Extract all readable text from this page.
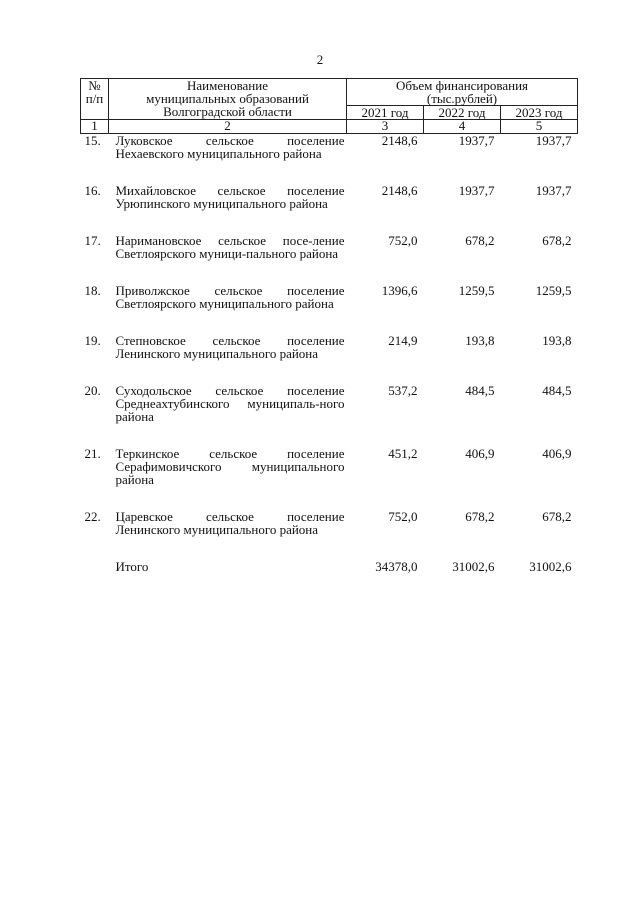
2
№
п/п	Наименование
муниципальных образований
Волгоградской области	Объем финансирования
(тыс.рублей)		
		2021 год	2022 год	2023 год
1	2	3	4	5
15.	Луковское сельское поселение Нехаевского муниципального района	2148,6	1937,7	1937,7

16.	Михайловское сельское поселение Урюпинского муниципального района	2148,6	1937,7	1937,7

17.	Наримановское сельское посе-ление Светлоярского муници-пального района	752,0	678,2	678,2

18.	Приволжское сельское поселение Светлоярского муниципального района	1396,6	1259,5	1259,5

19.	Степновское сельское поселение Ленинского муниципального района	214,9	193,8	193,8

20.	Суходольское сельское поселение Среднеахтубинского муниципаль-ного района	537,2	484,5	484,5

21.	Теркинское сельское поселение Серафимовичского муниципального района	451,2	406,9	406,9

22.	Царевское сельское поселение Ленинского муниципального района	752,0	678,2	678,2

	Итого	34378,0	31002,6	31002,6
